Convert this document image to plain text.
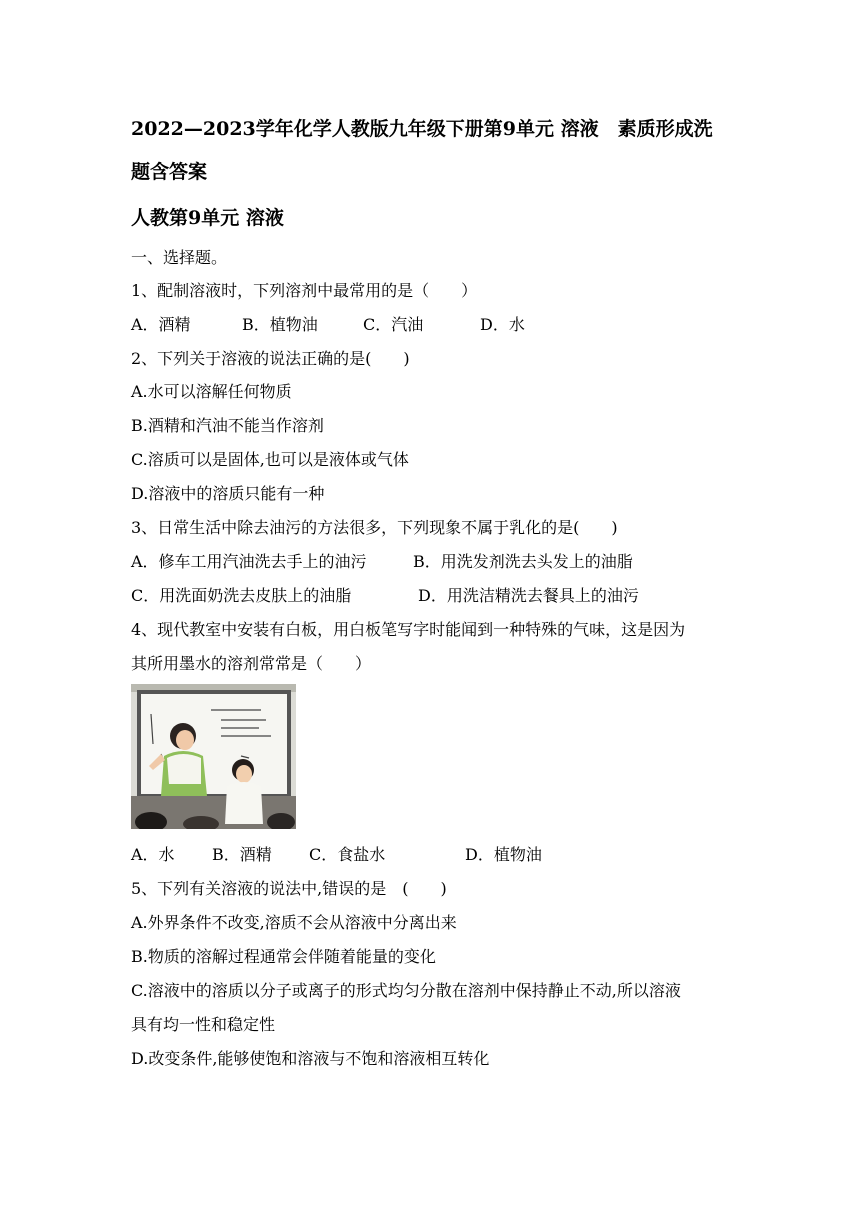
2022—2023学年化学人教版九年级下册第9单元 溶液　素质形成洗
题含答案
人教第9单元 溶液
一、选择题。
1、配制溶液时，下列溶剂中最常用的是（　　）
A．酒精	B．植物油	C．汽油	D．水
2、下列关于溶液的说法正确的是(　　)
A.水可以溶解任何物质
B.酒精和汽油不能当作溶剂
C.溶质可以是固体,也可以是液体或气体
D.溶液中的溶质只能有一种
3、日常生活中除去油污的方法很多，下列现象不属于乳化的是(　　)
A．修车工用汽油洗去手上的油污	B．用洗发剂洗去头发上的油脂
C．用洗面奶洗去皮肤上的油脂	D．用洗洁精洗去餐具上的油污
4、现代教室中安装有白板，用白板笔写字时能闻到一种特殊的气味，这是因为
其所用墨水的溶剂常常是（　　）
A．水 B．酒精 C．食盐水	D．植物油
5、下列有关溶液的说法中,错误的是　(　　)
A.外界条件不改变,溶质不会从溶液中分离出来
B.物质的溶解过程通常会伴随着能量的变化
C.溶液中的溶质以分子或离子的形式均匀分散在溶剂中保持静止不动,所以溶液
具有均一性和稳定性
D.改变条件,能够使饱和溶液与不饱和溶液相互转化
